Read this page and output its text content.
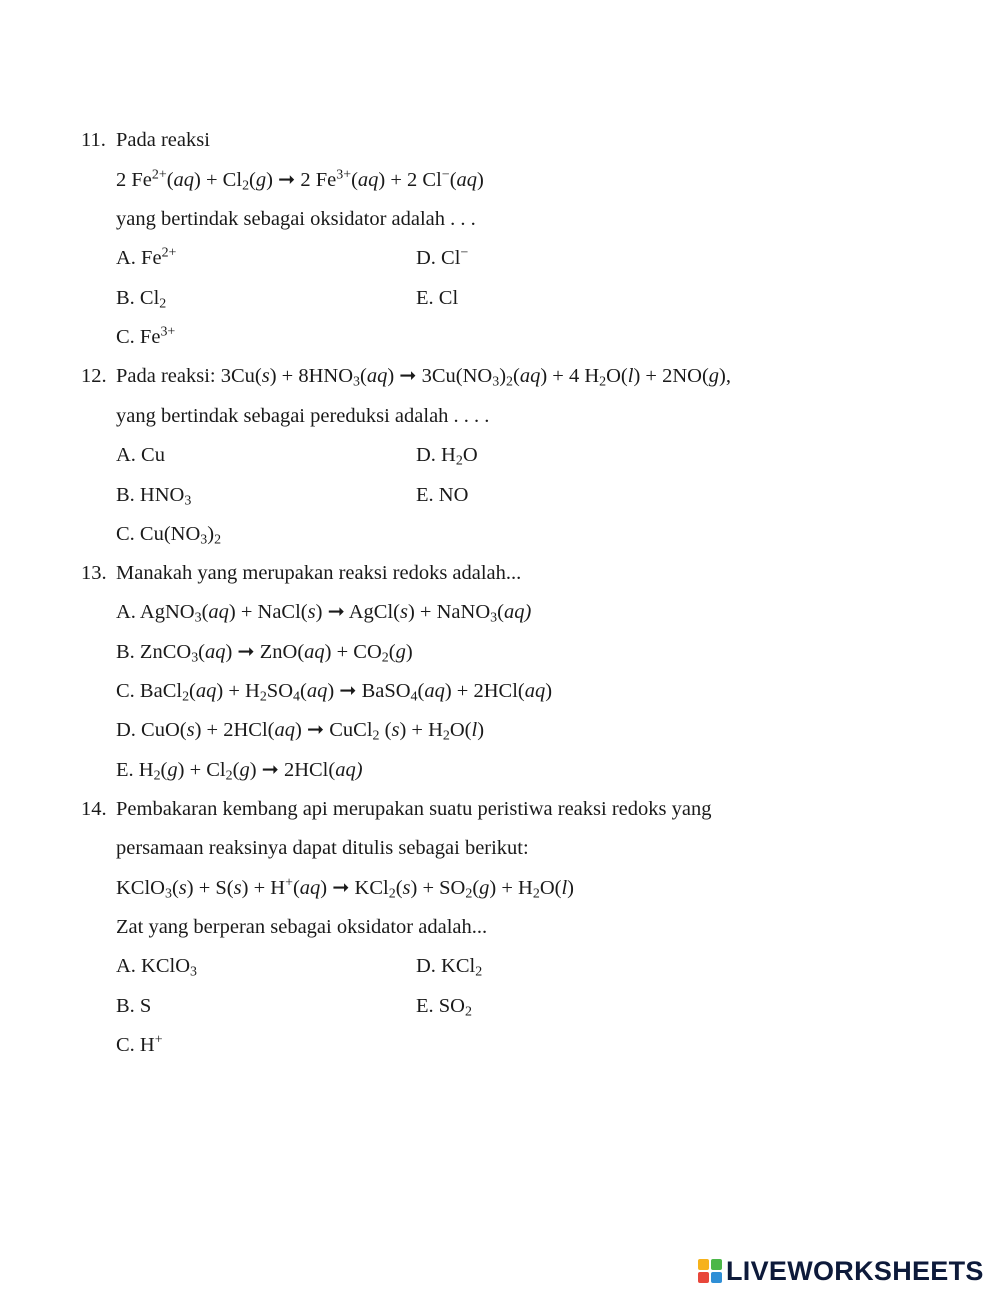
11. Pada reaksi
2 $Fe^{2+}(aq) + Cl_2(g)$ ➞ 2 $Fe^{3+}(aq) + 2$ Cl−(aq)
yang bertindak sebagai oksidator adalah . . .
A. $Fe^{2+}$	D. Cl−
B. $Cl_2$	E. Cl
C. $Fe^{3+}$
12. Pada reaksi: $3Cu(s) + 8HNO_3(aq)$ ➞ $3Cu(NO_3)_2(aq) + 4$ $H_2O(l) + 2NO(g)$,
yang bertindak sebagai pereduksi adalah . . . .
A. Cu	D. $H_2O$
B. $HNO_3$	E. NO
C. $Cu(NO_3)_2$
13. Manakah yang merupakan reaksi redoks adalah...
A. AgNO$_3$(aq) + NaCl(s) ➞ AgCl(s) + NaNO$_3$(aq)
B. ZnCO$_3$(aq) ➞ $ZnO(aq) + CO_2(g)$
C. BaCl$_2$(aq) + $H_2SO_4(aq)$ ➞ BaSO$_4$(aq) + 2HCl(aq)
D. CuO(s) + 2HCl(aq) ➞ CuCl$_2$ $(s) + H_2O(l)$
E. $H_2(g) + Cl_2(g)$ ➞ 2HCl(aq)
14. Pembakaran kembang api merupakan suatu peristiwa reaksi redoks yang
persamaan reaksinya dapat ditulis sebagai berikut:
KClO$_3$(s) + S(s) + H+(aq) ➞ $KCl_2(s) + SO_2(g) + H_2O(l)$
Zat yang berperan sebagai oksidator adalah...
A. KClO$_3$	D. KCl$_2$
B. S	E. $SO_2$
C. H+
LIVEWORKSHEETS
